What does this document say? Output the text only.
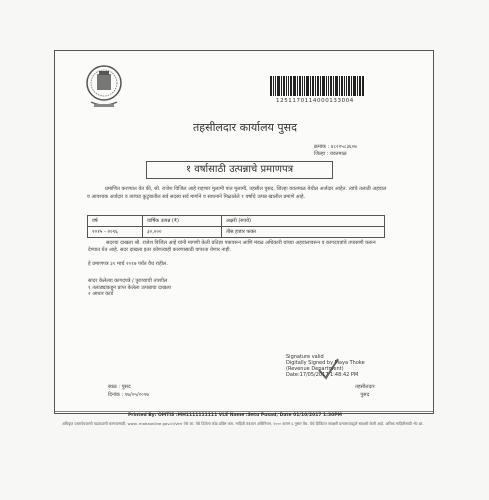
1251170114000133004
तहसीलदार कार्यालय पुसद
क्रमांक : ४८२२५८३६०७
जिल्हा : यवतमाळ
१ वर्षासाठी उत्पन्नाचे प्रमाणपत्र
प्रमाणित करण्यात येत की, श्री. राजेश विजिल आहे राहणार मुलामी पात मुलामी, तहसील पुसद, जिल्हा यवतमाळ येथील अर्जदार आहेत. त्यांचे तलाठी अहवाल व आवश्यक अर्जदार व त्यांच्या कुटुंबातील सर्व सदस्य सर्व मार्गाने व साधनाने मिळालेले १ वर्षाचे उत्पन्न खालील प्रमाणे आहे.
वर्ष	वार्षिक उत्पन्न (₹)	अक्षरी (रुपये)
२०१५ - २०१६	३०,०००	तीस हजार फक्त
सदरचा दाखला श्री. राजेश विजिल आहे यांनी मागणी केली प्रतिज्ञा पत्रावरून आणि मंडळ अधिकारी यांच्या अहवालावरून व कागदपत्रांचे तपासणी करून देण्यात येत आहे. सदर दाखला इतर कोणत्याही कारणासाठी वापरता येणार नाही.
हे प्रमाणपत्र ३१ मार्च २०१७ पर्यंत वैध राहील.
सादर केलेल्या कागदपत्रे / पुराव्याची तपशील
१ तलाठ्याकडून प्राप्त केलेला उत्पन्नाचा दाखला
२ आधार कार्ड
Signature valid
Digitally Signed by Maya Thoke
(Revenue Department)
Date:17/05/2017 1:48:42 PM
स्थळ : पुसद
दिनांक : १७/०५/२०१७
तहसीलदार
पुसद
Printed By: OMTIS :MH1111111111 VLE Name :Setu Pusad, Date 01/10/2017 1:30PM
अधिकृत दस्ताऐवजाची पडताळणी करण्यासाठी, www. mahaonline.gov.in/Veri येथे जा. येथे दिलेला कोड प्रविष्ट करा. माहिती तंत्रज्ञान अधिनियम, २००० कलम ६ नुसार वैध. येथे डिजिटल स्वाक्षरी प्रमाणपत्राद्वारे स्वाक्षरी केली आहे. अधिक माहितीसाठी भेट द्या.
